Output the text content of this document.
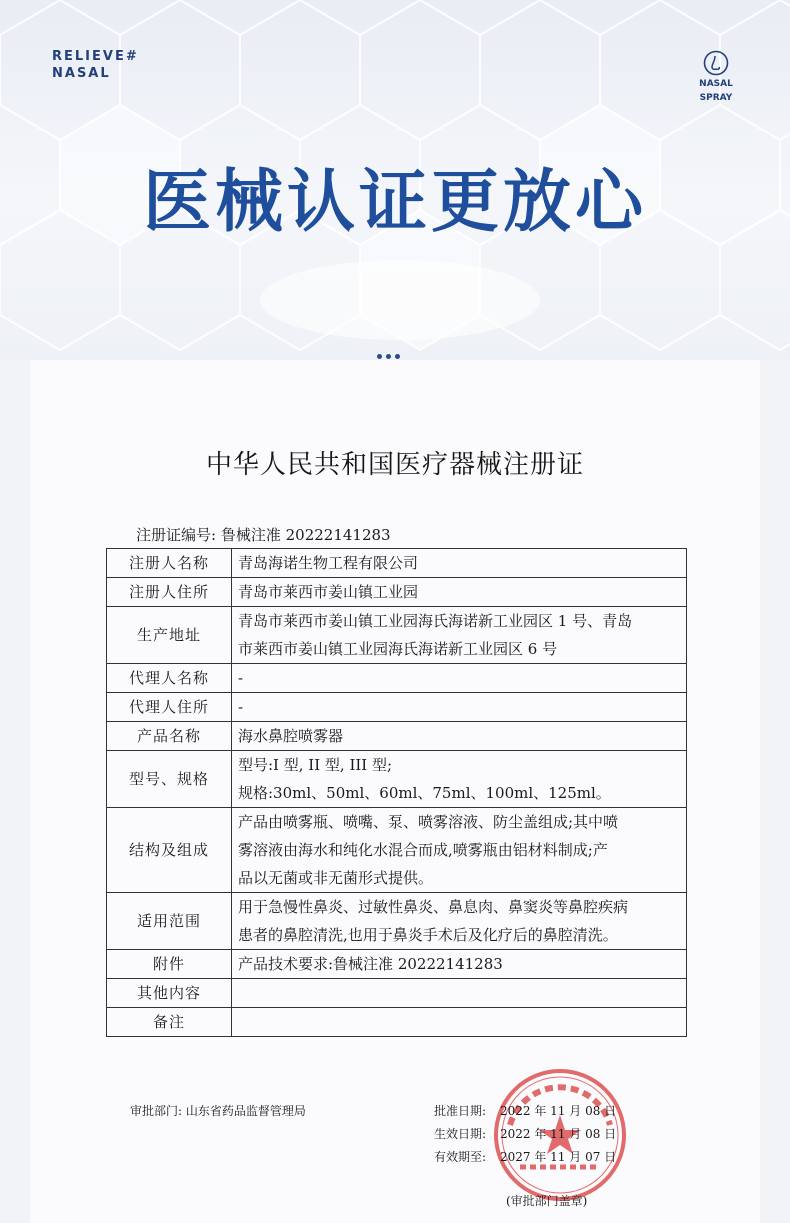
RELIEVE#
NASAL
NASAL
SPRAY
医械认证更放心
中华人民共和国医疗器械注册证
注册证编号: 鲁械注准 20222141283
注册人名称	青岛海诺生物工程有限公司

注册人住所	青岛市莱西市姜山镇工业园

生产地址	青岛市莱西市姜山镇工业园海氏海诺新工业园区 1 号、青岛
市莱西市姜山镇工业园海氏海诺新工业园区 6 号

代理人名称	-

代理人住所	-

产品名称	海水鼻腔喷雾器

型号、规格	型号:I 型, II 型, III 型;
规格:30ml、50ml、60ml、75ml、100ml、125ml。

结构及组成	产品由喷雾瓶、喷嘴、泵、喷雾溶液、防尘盖组成;其中喷
雾溶液由海水和纯化水混合而成,喷雾瓶由铝材料制成;产
品以无菌或非无菌形式提供。

适用范围	用于急慢性鼻炎、过敏性鼻炎、鼻息肉、鼻窦炎等鼻腔疾病
患者的鼻腔清洗,也用于鼻炎手术后及化疗后的鼻腔清洗。

附件	产品技术要求:鲁械注准 20222141283

其他内容	

备注	

审批部门: 山东省药品监督管理局	批准日期: 2022 年 11 月 08 日
生效日期: 2022 年 11 月 08 日
有效期至: 2027 年 11 月 07 日
(审批部门盖章)
